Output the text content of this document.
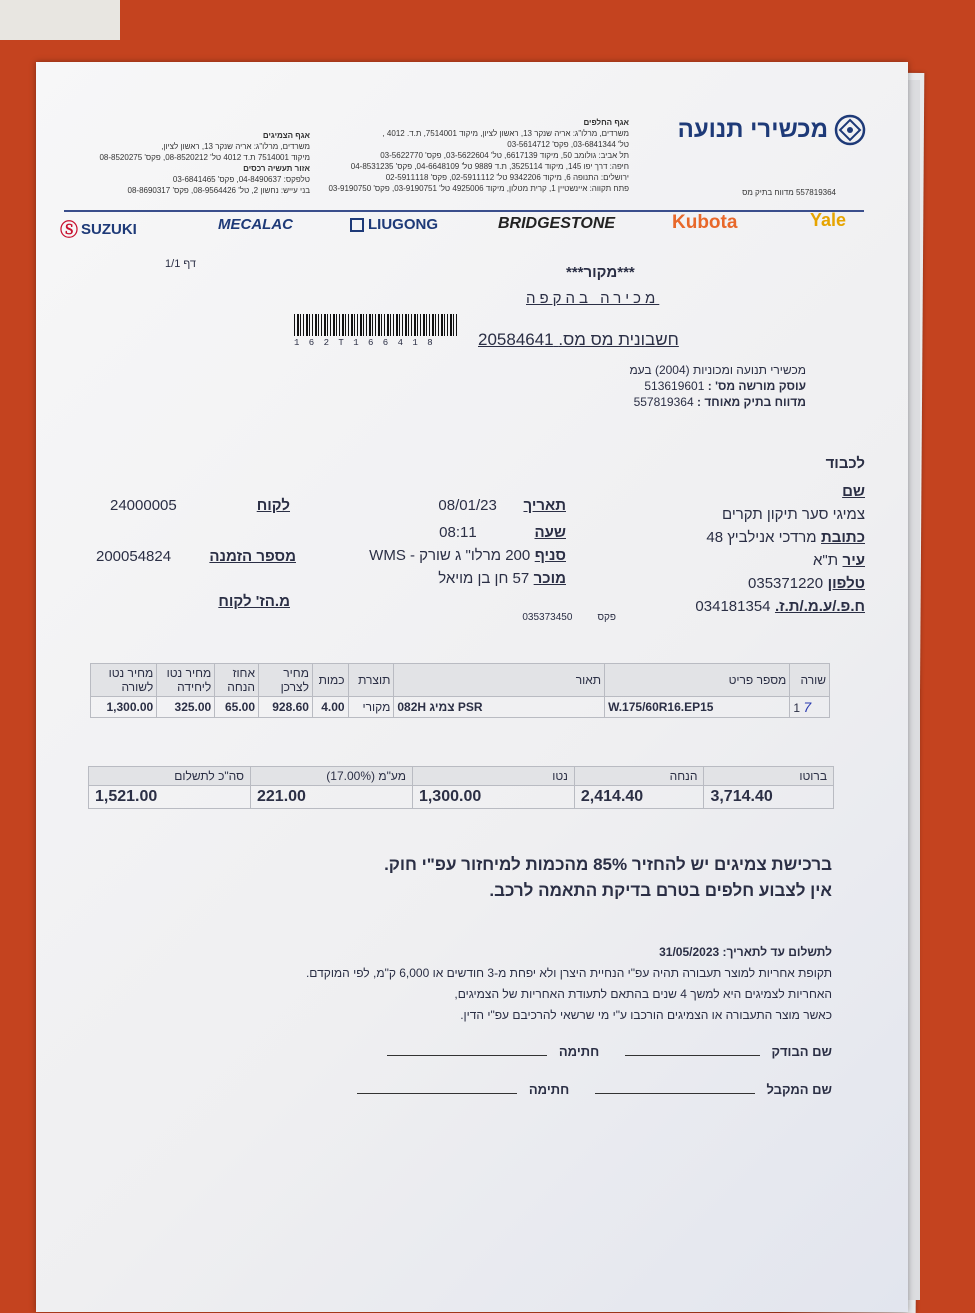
מכשירי תנועה
557819364 מדווח בתיק מס
אגף החלפים
משרדים, מרלו"ג: אריה שנקר 13, ראשון לציון, מיקוד 7514001, ת.ד. 4012 ,
טל' 03-6841344, פקס' 03-5614712
תל אביב: גולומב 50, מיקוד 6617139, טל' 03-5622604, פקס' 03-5622770
חיפה: דרך יפו 145, מיקוד 3525114, ת.ד 9889 טל' 04-6648109, פקס' 04-8531235
ירושלים: התנופה 6, מיקוד 9342206 טל' 02-5911112, פקס' 02-5911118
פתח תקווה: איינשטיין 1, קרית מטלון, מיקוד 4925006 טל' 03-9190751, פקס' 03-9190750
אגף הצמיגים
משרדים, מרלו"ג: אריה שנקר 13, ראשון לציון,
מיקוד 7514001 ת.ד 4012 טל' 08-8520212, פקס' 08-8520275
אזור תעשיה רכסים
טלפקס: 04-8490637, פקס' 03-6841465
בני עייש: נחשון 2, טל' 08-9564426, פקס' 08-8690317
Ⓢ SUZUKI	MECALAC	LIUGONG	BRIDGESTONE	Kubota	Yale
דף 1/1	***מקור***
מכירה בהקפה
1 6 2 T 1 6 6 4 1 8	חשבונית מס מס. 20584641
מכשירי תנועה ומכוניות (2004) בעמ
עוסק מורשה מס' : 513619601
מדווח בתיק מאוחד : 557819364
לכבוד
שם
צמיגי סער תיקון תקרים
כתובת מרדכי אנילביץ 48
עיר ת"א
טלפון 035371220
ח.פ./ע.מ./ת.ז. 034181354
תאריך      08/01/23
שעה             08:11
סניף 200 מרלו" ג שורק - WMS
מוכר 57 חן בן מויאל
פקס         035373450
24000005	לקוח
מספר הזמנה
200054824
מ.הז' לקוח
שורה	מספר פריט	תאור	תוצרת	כמות	מחיר לצרכן	אחוז הנחה	מחיר נטו ליחידה	מחיר נטו לשורה
7 1	W.175/60R16.EP15	PSR צמיג 082H	מקורי	4.00	928.60	65.00	325.00	1,300.00
ברוטו	הנחה	נטו	מע"מ (17.00%)	סה"כ לתשלום
3,714.40	2,414.40	1,300.00	221.00	1,521.00
ברכישת צמיגים יש להחזיר 85% מהכמות למיחזור עפ"י חוק.
אין לצבוע חלפים בטרם בדיקת התאמה לרכב.
לתשלום עד לתאריך: 31/05/2023
תקופת אחריות למוצר תעבורה תהיה עפ"י הנחיית היצרן ולא יפחת מ-3 חודשים או 6,000 ק"מ, לפי המוקדם.
האחריות לצמיגים היא למשך 4 שנים בהתאם לתעודת האחריות של הצמיגים,
כאשר מוצר התעבורה או הצמיגים הורכבו ע"י מי שרשאי להרכיבם עפ"י הדין.
שם הבודק  חתימה
שם המקבל  חתימה
